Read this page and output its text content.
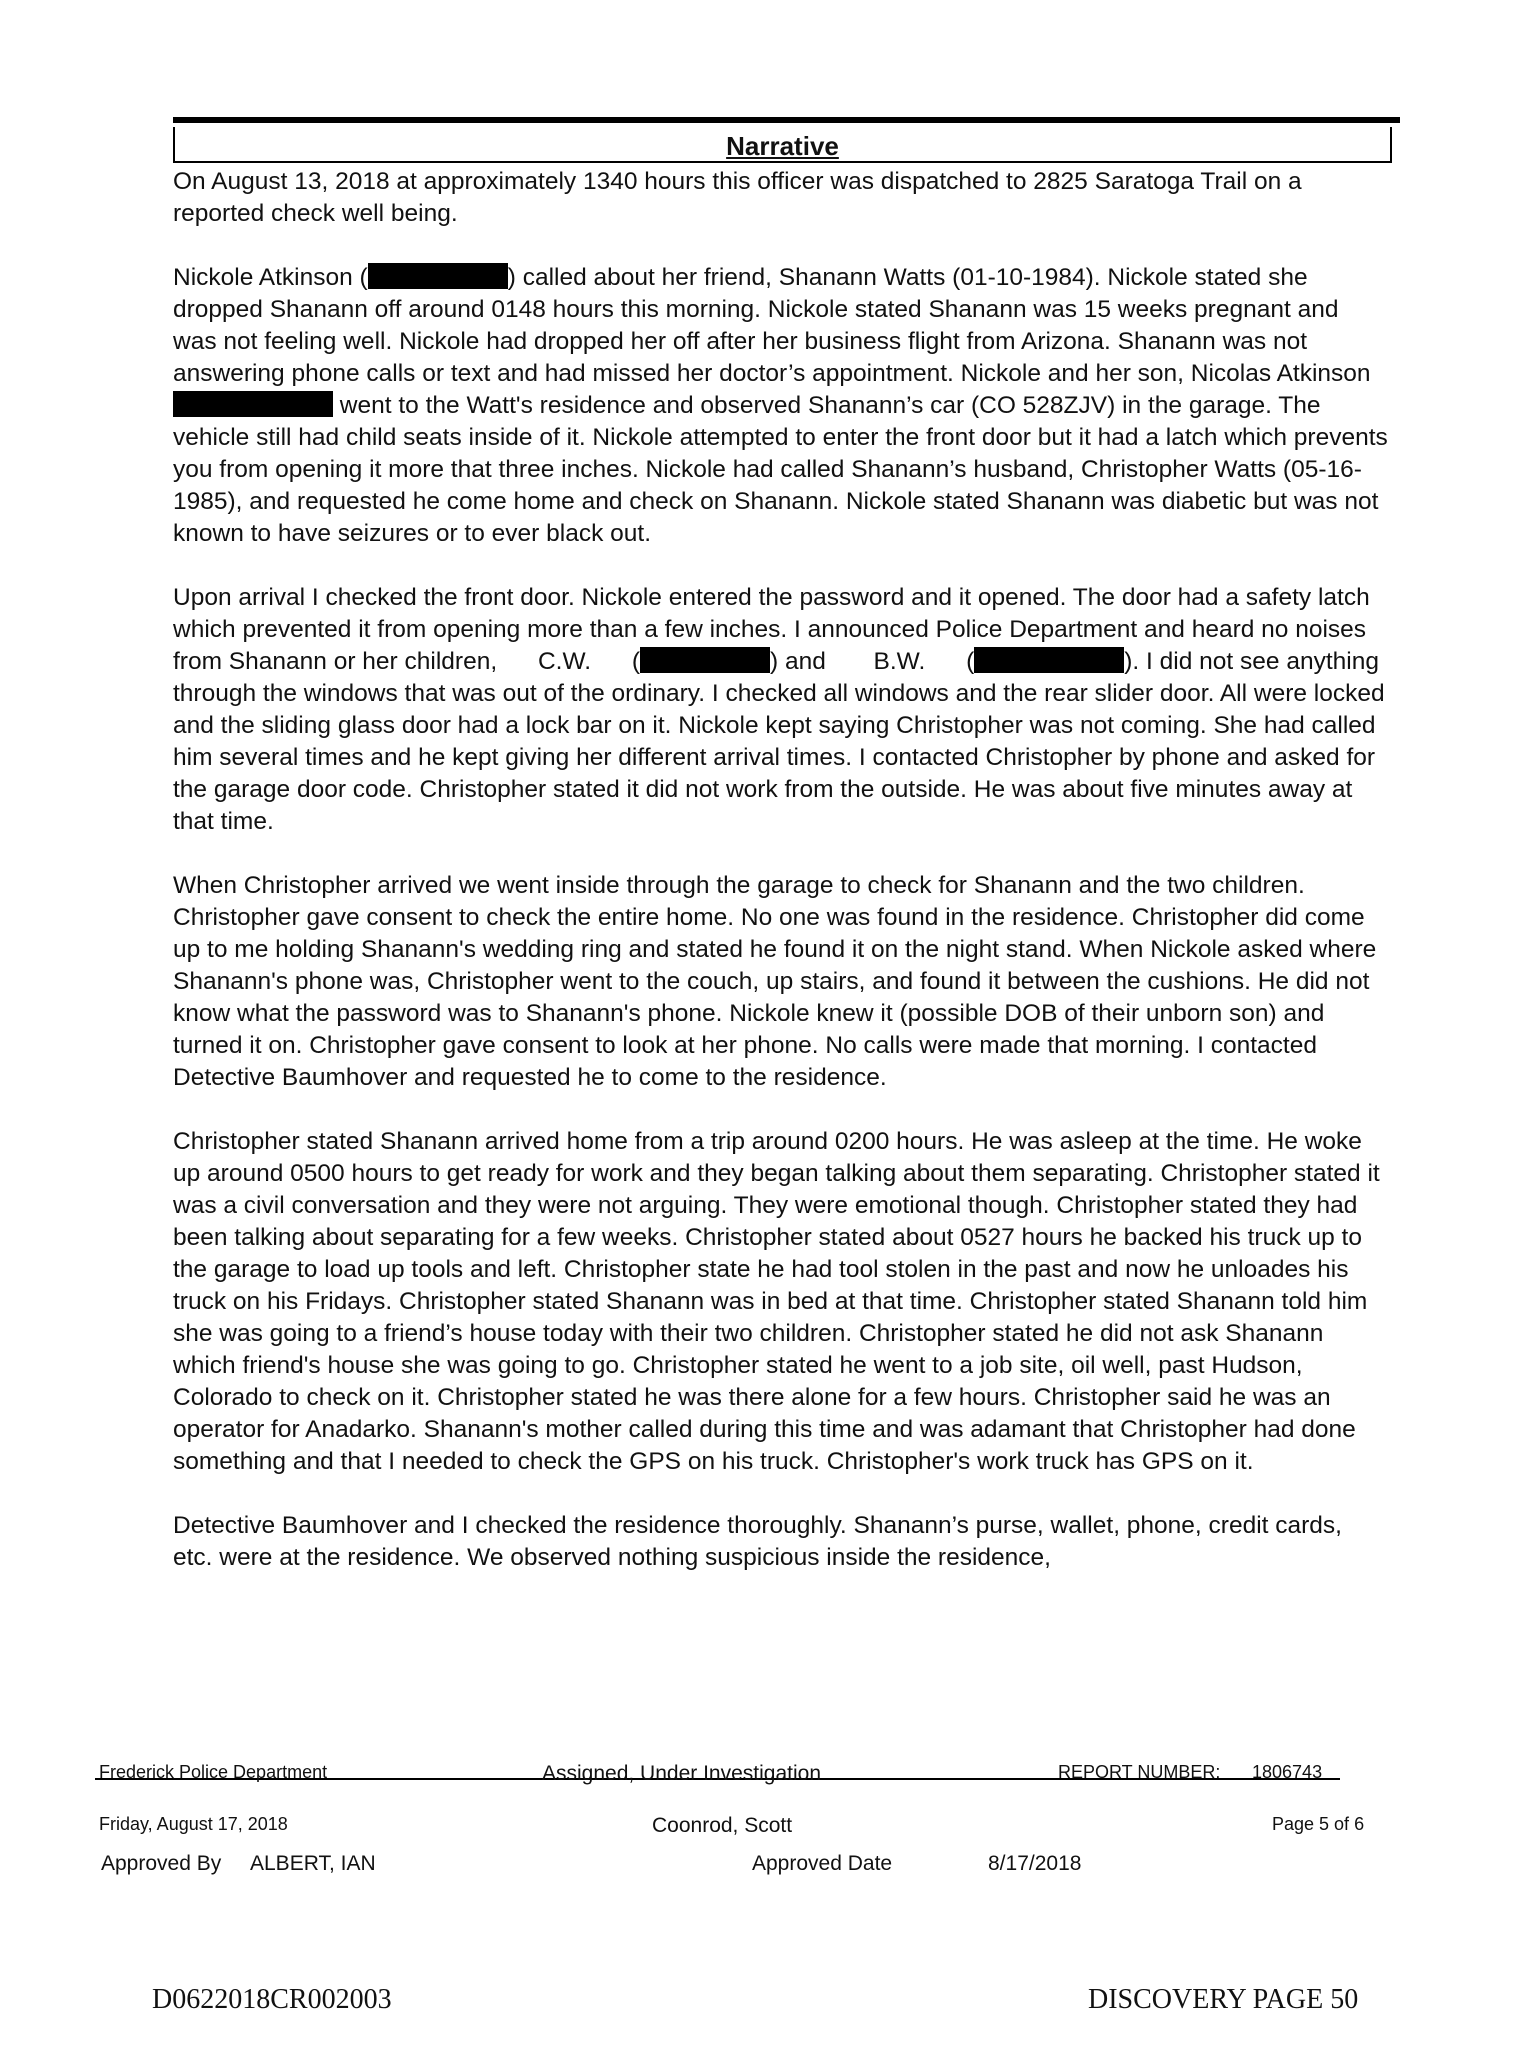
Narrative

On August 13, 2018 at approximately 1340 hours this officer was dispatched to 2825 Saratoga Trail on a reported check well being.

Nickole Atkinson (	) called about her friend, Shanann Watts (01-10-1984). Nickole stated she dropped Shanann off around 0148 hours this morning. Nickole stated Shanann was 15 weeks pregnant and was not feeling well. Nickole had dropped her off after her business flight from Arizona. Shanann was not answering phone calls or text and had missed her doctor’s appointment. Nickole and her son, Nicolas Atkinson  went to the Watt's residence and observed Shanann’s car (CO 528ZJV) in the garage. The vehicle still had child seats inside of it. Nickole attempted to enter the front door but it had a latch which prevents you from opening it more that three inches. Nickole had called Shanann’s husband, Christopher Watts (05-16-1985), and requested he come home and check on Shanann. Nickole stated Shanann was diabetic but was not known to have seizures or to ever black out.

Upon arrival I checked the front door. Nickole entered the password and it opened. The door had a safety latch which prevented it from opening more than a few inches. I announced Police Department and heard no noises from Shanann or her children,      C.W.      (	) and       B.W.      (	). I did not see anything through the windows that was out of the ordinary. I checked all windows and the rear slider door. All were locked and the sliding glass door had a lock bar on it. Nickole kept saying Christopher was not coming. She had called him several times and he kept giving her different arrival times. I contacted Christopher by phone and asked for the garage door code. Christopher stated it did not work from the outside. He was about five minutes away at that time.

When Christopher arrived we went inside through the garage to check for Shanann and the two children. Christopher gave consent to check the entire home. No one was found in the residence. Christopher did come up to me holding Shanann's wedding ring and stated he found it on the night stand. When Nickole asked where Shanann's phone was, Christopher went to the couch, up stairs, and found it between the cushions. He did not know what the password was to Shanann's phone. Nickole knew it (possible DOB of their unborn son) and turned it on. Christopher gave consent to look at her phone. No calls were made that morning. I contacted Detective Baumhover and requested he to come to the residence.

Christopher stated Shanann arrived home from a trip around 0200 hours. He was asleep at the time. He woke up around 0500 hours to get ready for work and they began talking about them separating. Christopher stated it was a civil conversation and they were not arguing. They were emotional though. Christopher stated they had been talking about separating for a few weeks. Christopher stated about 0527 hours he backed his truck up to the garage to load up tools and left. Christopher state he had tool stolen in the past and now he unloades his truck on his Fridays. Christopher stated Shanann was in bed at that time. Christopher stated Shanann told him she was going to a friend’s house today with their two children. Christopher stated he did not ask Shanann which friend's house she was going to go. Christopher stated he went to a job site, oil well, past Hudson, Colorado to check on it. Christopher stated he was there alone for a few hours. Christopher said he was an operator for Anadarko. Shanann's mother called during this time and was adamant that Christopher had done something and that I needed to check the GPS on his truck. Christopher's work truck has GPS on it.

Detective Baumhover and I checked the residence thoroughly. Shanann’s purse, wallet, phone, credit cards, etc. were at the residence. We observed nothing suspicious inside the residence,

Frederick Police Department	Assigned, Under Investigation	REPORT NUMBER: 1806743
Friday, August 17, 2018	Coonrod, Scott	Page 5 of 6
Approved By ALBERT, IAN	Approved Date	8/17/2018
D0622018CR002003	DISCOVERY PAGE 50
